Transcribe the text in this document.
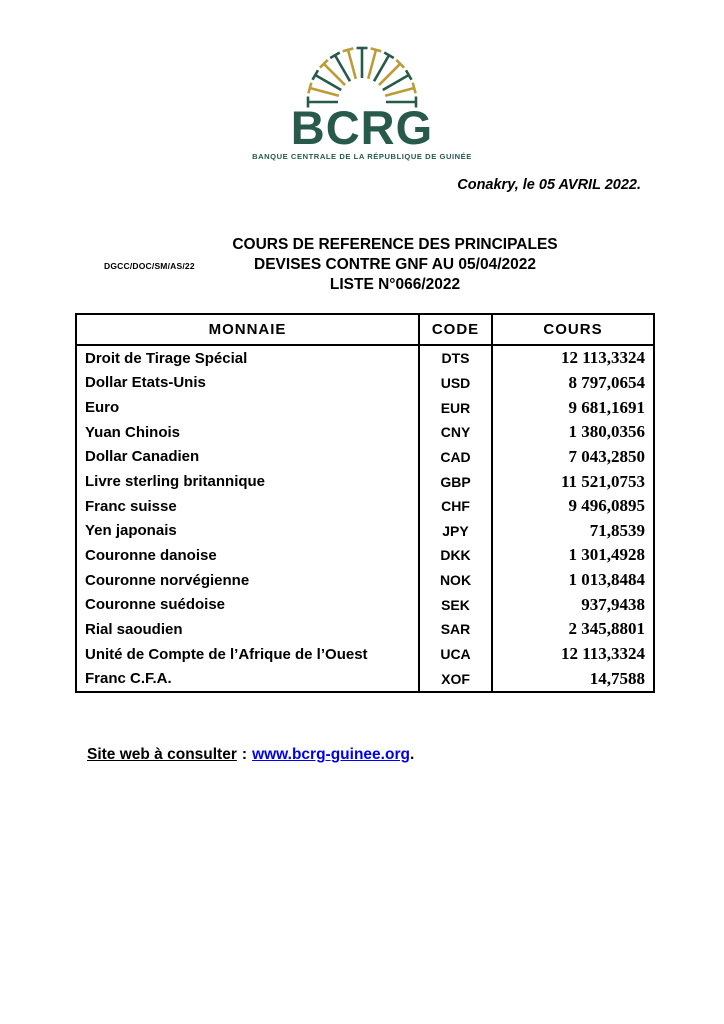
BCRG
BANQUE CENTRALE DE LA RÉPUBLIQUE DE GUINÉE
Conakry, le 05 AVRIL 2022.
DGCC/DOC/SM/AS/22
COURS DE REFERENCE DES PRINCIPALES
DEVISES CONTRE GNF AU 05/04/2022
LISTE N°066/2022
MONNAIE	CODE	COURS
Droit de Tirage Spécial	DTS	12 113,3324
Dollar Etats-Unis	USD	8 797,0654
Euro	EUR	9 681,1691
Yuan Chinois	CNY	1 380,0356
Dollar Canadien	CAD	7 043,2850
Livre sterling britannique	GBP	11 521,0753
Franc suisse	CHF	9 496,0895
Yen japonais	JPY	71,8539
Couronne danoise	DKK	1 301,4928
Couronne norvégienne	NOK	1 013,8484
Couronne suédoise	SEK	937,9438
Rial saoudien	SAR	2 345,8801
Unité de Compte de l’Afrique de l’Ouest	UCA	12 113,3324
Franc C.F.A.	XOF	14,7588
Site web à consulter : www.bcrg-guinee.org.
